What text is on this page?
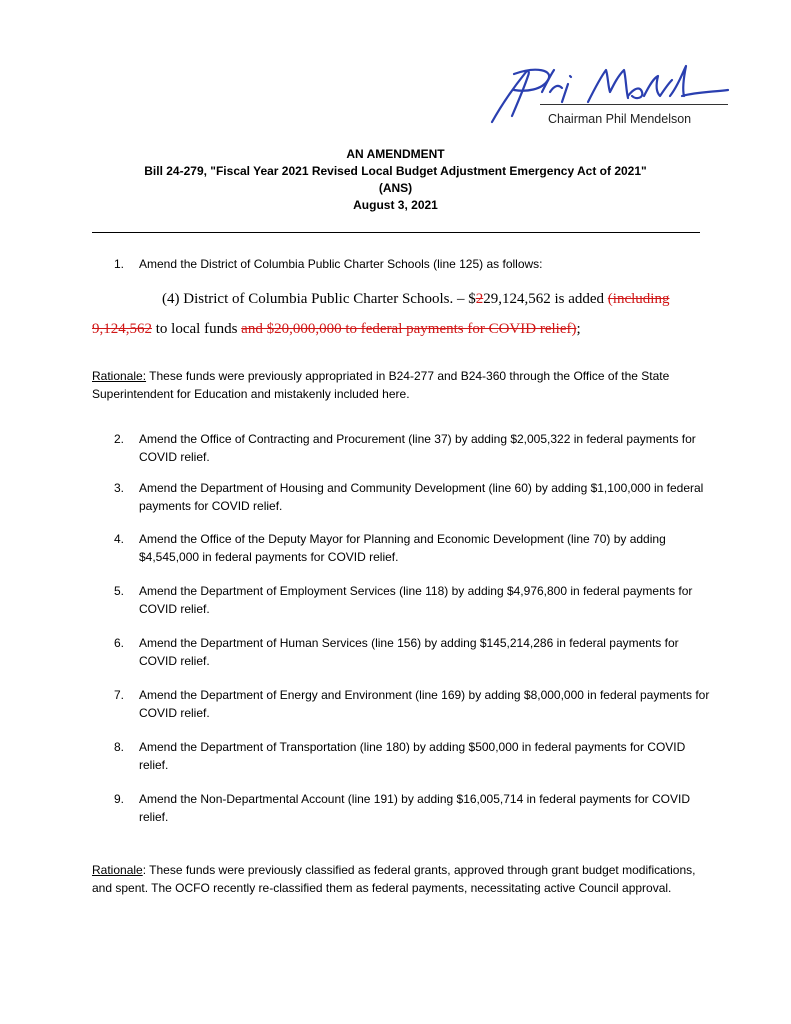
Chairman Phil Mendelson
AN AMENDMENT
Bill 24-279, "Fiscal Year 2021 Revised Local Budget Adjustment Emergency Act of 2021"
(ANS)
August 3, 2021
1. Amend the District of Columbia Public Charter Schools (line 125) as follows:
(4) District of Columbia Public Charter Schools. – $229,124,562 is added (including 9,124,562 to local funds and $20,000,000 to federal payments for COVID relief);
Rationale: These funds were previously appropriated in B24-277 and B24-360 through the Office of the State Superintendent for Education and mistakenly included here.
2. Amend the Office of Contracting and Procurement (line 37) by adding $2,005,322 in federal payments for COVID relief.
3. Amend the Department of Housing and Community Development (line 60) by adding $1,100,000 in federal payments for COVID relief.
4. Amend the Office of the Deputy Mayor for Planning and Economic Development (line 70) by adding $4,545,000 in federal payments for COVID relief.
5. Amend the Department of Employment Services (line 118) by adding $4,976,800 in federal payments for COVID relief.
6. Amend the Department of Human Services (line 156) by adding $145,214,286 in federal payments for COVID relief.
7. Amend the Department of Energy and Environment (line 169) by adding $8,000,000 in federal payments for COVID relief.
8. Amend the Department of Transportation (line 180) by adding $500,000 in federal payments for COVID relief.
9. Amend the Non-Departmental Account (line 191) by adding $16,005,714 in federal payments for COVID relief.
Rationale: These funds were previously classified as federal grants, approved through grant budget modifications, and spent. The OCFO recently re-classified them as federal payments, necessitating active Council approval.
